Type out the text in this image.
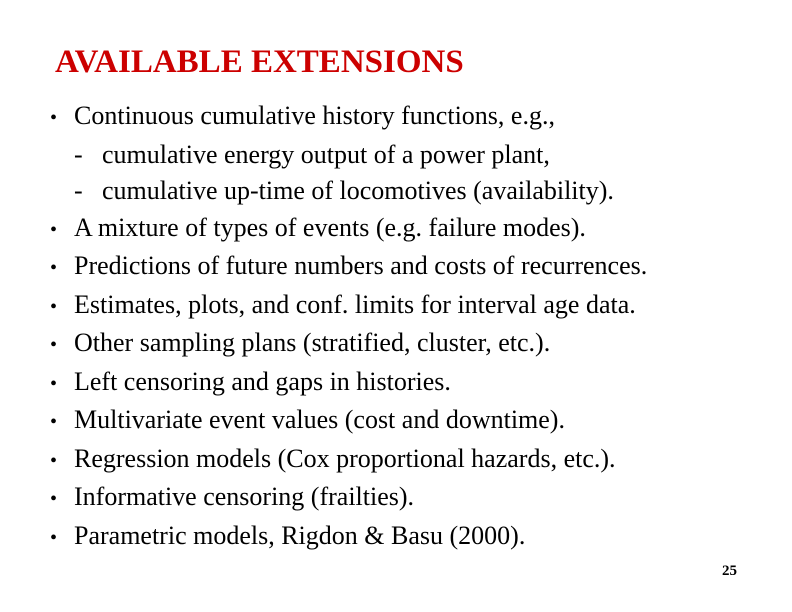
AVAILABLE EXTENSIONS
• Continuous cumulative history functions, e.g.,
- cumulative energy output of a power plant,
- cumulative up-time of locomotives (availability).
• A mixture of types of events (e.g. failure modes).
• Predictions of future numbers and costs of recurrences.
• Estimates, plots, and conf. limits for interval age data.
• Other sampling plans (stratified, cluster, etc.).
• Left censoring and gaps in histories.
• Multivariate event values (cost and downtime).
• Regression models (Cox proportional hazards, etc.).
• Informative censoring (frailties).
• Parametric models, Rigdon & Basu (2000).
25
